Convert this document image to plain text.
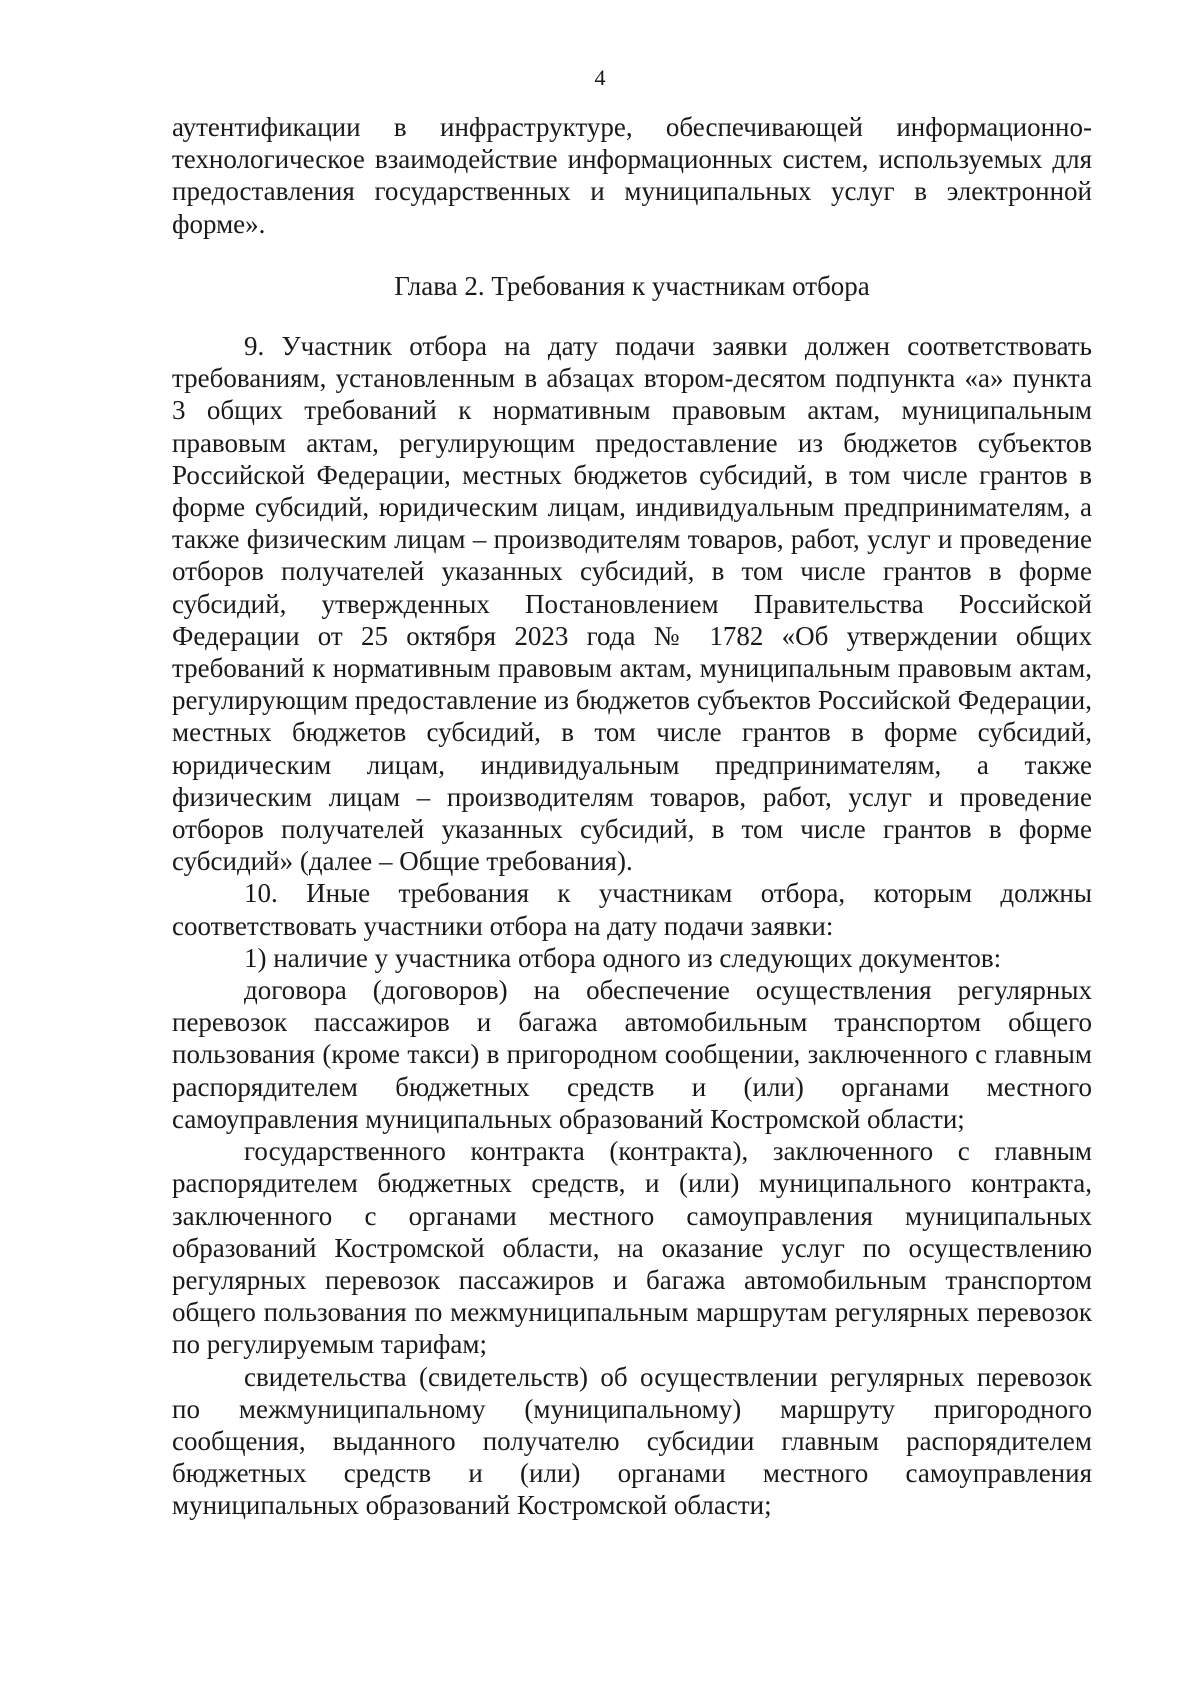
4

аутентификации в инфраструктуре, обеспечивающей информационно-технологическое взаимодействие информационных систем, используемых для предоставления государственных и муниципальных услуг в электронной форме».

Глава 2. Требования к участникам отбора

9. Участник отбора на дату подачи заявки должен соответствовать требованиям, установленным в абзацах втором-десятом подпункта «а» пункта 3 общих требований к нормативным правовым актам, муниципальным правовым актам, регулирующим предоставление из бюджетов субъектов Российской Федерации, местных бюджетов субсидий, в том числе грантов в форме субсидий, юридическим лицам, индивидуальным предпринимателям, а также физическим лицам – производителям товаров, работ, услуг и проведение отборов получателей указанных субсидий, в том числе грантов в форме субсидий, утвержденных Постановлением Правительства Российской Федерации от 25 октября 2023 года № 1782 «Об утверждении общих требований к нормативным правовым актам, муниципальным правовым актам, регулирующим предоставление из бюджетов субъектов Российской Федерации, местных бюджетов субсидий, в том числе грантов в форме субсидий, юридическим лицам, индивидуальным предпринимателям, а также физическим лицам – производителям товаров, работ, услуг и проведение отборов получателей указанных субсидий, в том числе грантов в форме субсидий» (далее – Общие требования).

10. Иные требования к участникам отбора, которым должны соответствовать участники отбора на дату подачи заявки:

1) наличие у участника отбора одного из следующих документов:

договора (договоров) на обеспечение осуществления регулярных перевозок пассажиров и багажа автомобильным транспортом общего пользования (кроме такси) в пригородном сообщении, заключенного с главным распорядителем бюджетных средств и (или) органами местного самоуправления муниципальных образований Костромской области;

государственного контракта (контракта), заключенного с главным распорядителем бюджетных средств, и (или) муниципального контракта, заключенного с органами местного самоуправления муниципальных образований Костромской области, на оказание услуг по осуществлению регулярных перевозок пассажиров и багажа автомобильным транспортом общего пользования по межмуниципальным маршрутам регулярных перевозок по регулируемым тарифам;

свидетельства (свидетельств) об осуществлении регулярных перевозок по межмуниципальному (муниципальному) маршруту пригородного сообщения, выданного получателю субсидии главным распорядителем бюджетных средств и (или) органами местного самоуправления муниципальных образований Костромской области;
